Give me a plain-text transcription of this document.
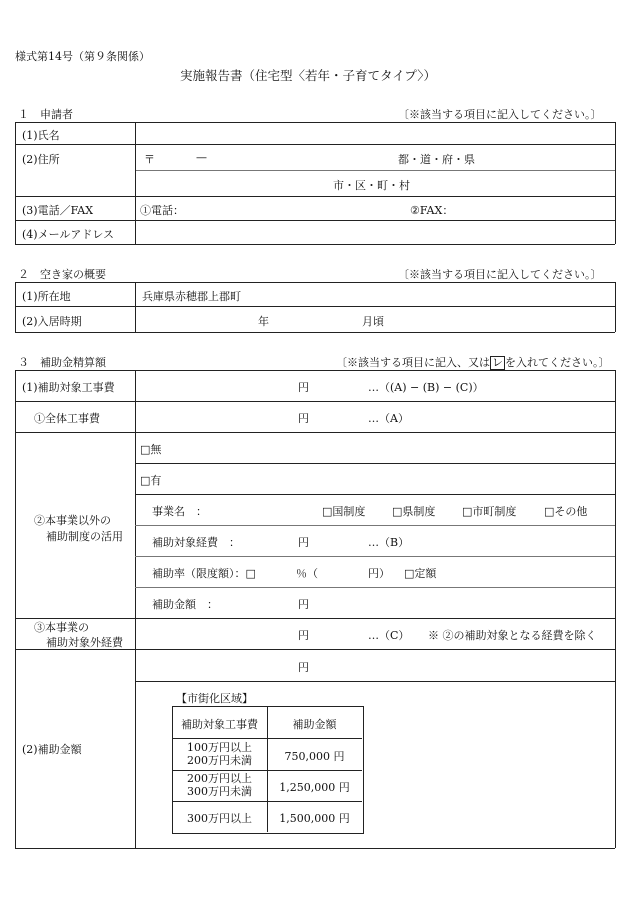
様式第14号（第９条関係）
実施報告書（住宅型〈若年・子育てタイプ〉）
１　申請者	〔※該当する項目に記入してください。〕
(1)氏名
(2)住所	〒	—	都・道・府・県
市・区・町・村
(3)電話／FAX	①電話：	②FAX：
(4)メールアドレス
２　空き家の概要	〔※該当する項目に記入してください。〕
(1)所在地	兵庫県赤穂郡上郡町
(2)入居時期	年	月頃
３　補助金精算額	〔※該当する項目に記入、又は レ を入れてください。〕
(1)補助対象工事費	円	…（(A) − (B) − (C)）
①全体工事費	円	…（A）
②本事業以外の
補助制度の活用
□無
□有
事業名　：	□国制度 □県制度 □市町制度	□その他
補助対象経費　：	円	…（B）
補助率（限度額）：□	％（	円） □定額
補助金額　：	円
③本事業の
補助対象外経費
円	…（C） ※ ②の補助対象となる経費を除く
(2)補助金額
円
【市街化区域】
補助対象工事費	補助金額
100万円以上
200万円未満	750,000 円
200万円以上
300万円未満	1,250,000 円
300万円以上	1,500,000 円
